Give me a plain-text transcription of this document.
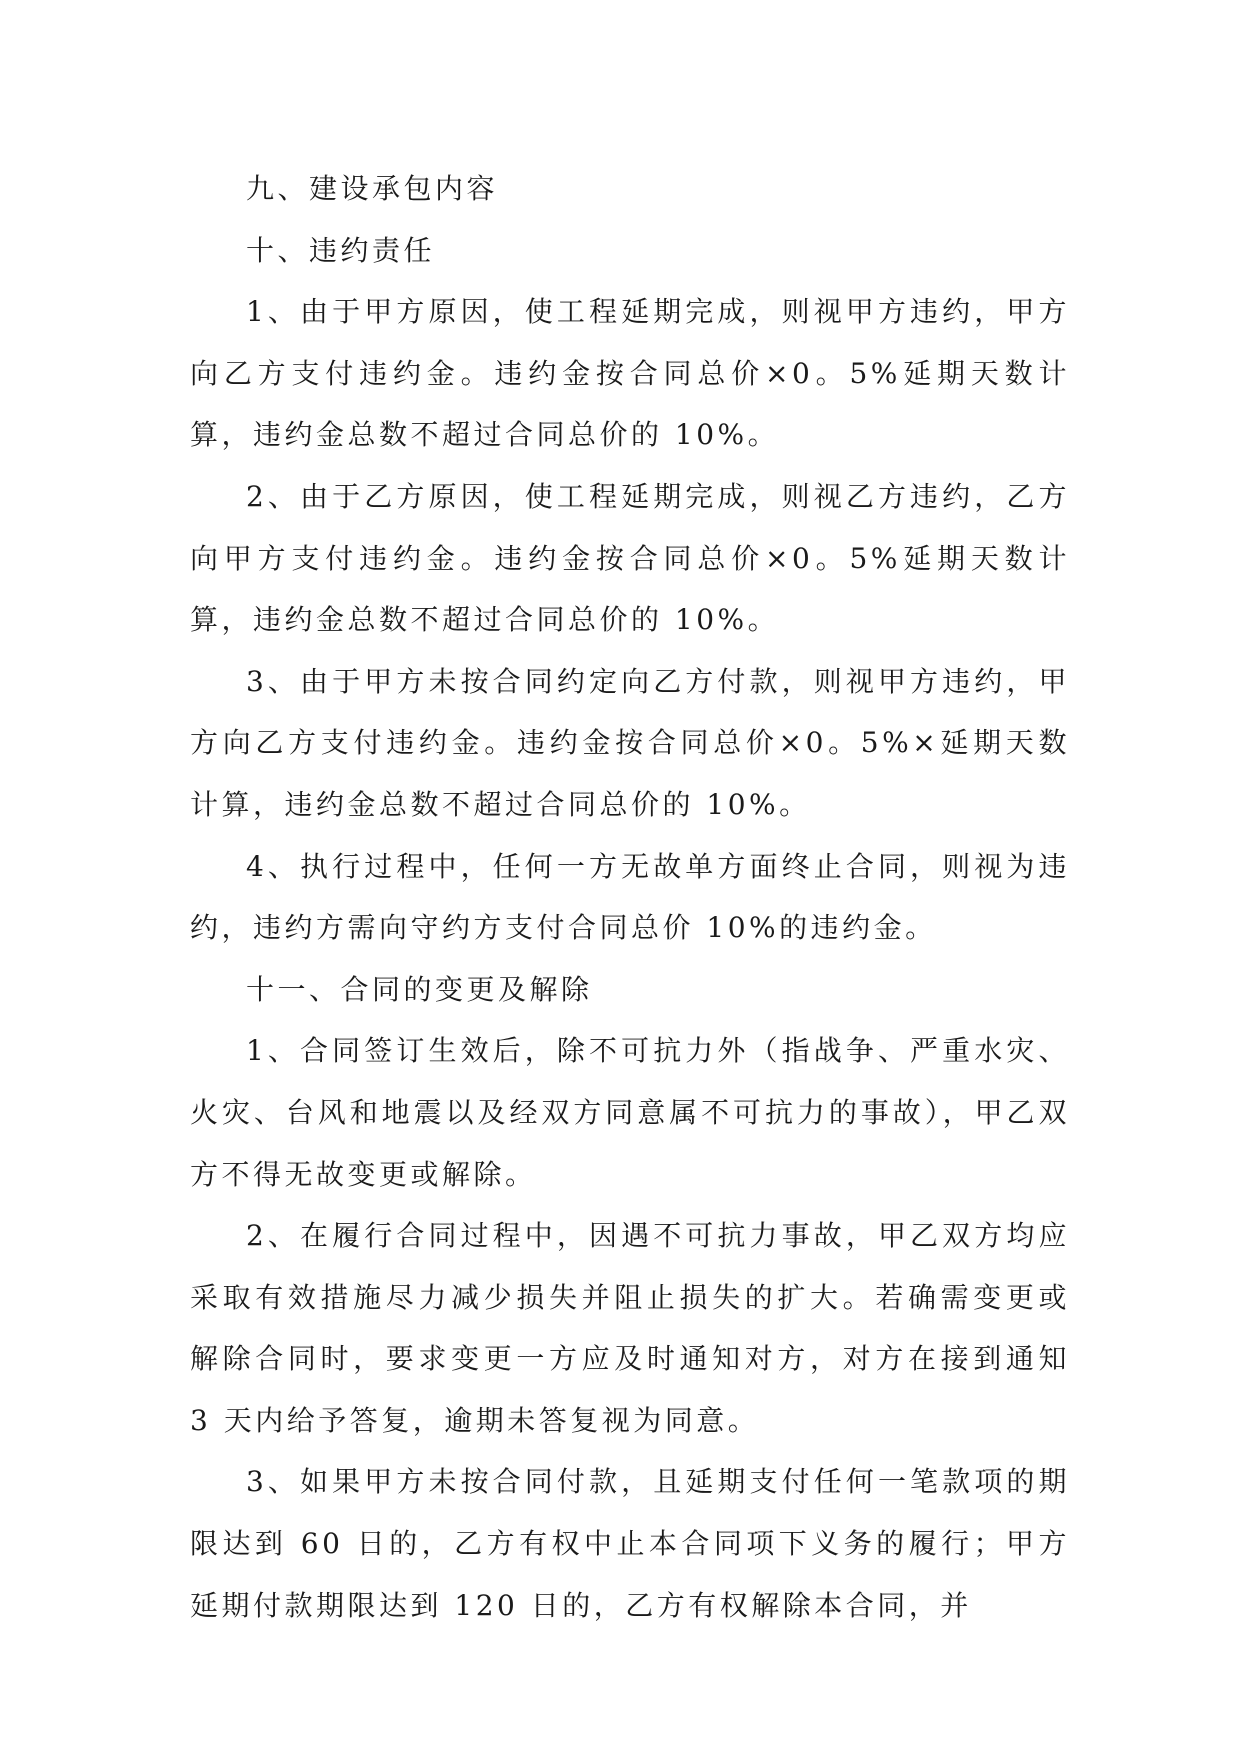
九、建设承包内容

十、违约责任

1、由于甲方原因，使工程延期完成，则视甲方违约，甲方向乙方支付违约金。违约金按合同总价×0。5%延期天数计算，违约金总数不超过合同总价的 10%。

2、由于乙方原因，使工程延期完成，则视乙方违约，乙方向甲方支付违约金。违约金按合同总价×0。5%延期天数计算，违约金总数不超过合同总价的 10%。

3、由于甲方未按合同约定向乙方付款，则视甲方违约，甲方向乙方支付违约金。违约金按合同总价×0。5%×延期天数计算，违约金总数不超过合同总价的 10%。

4、执行过程中，任何一方无故单方面终止合同，则视为违约，违约方需向守约方支付合同总价 10%的违约金。

十一、合同的变更及解除

1、合同签订生效后，除不可抗力外（指战争、严重水灾、火灾、台风和地震以及经双方同意属不可抗力的事故），甲乙双方不得无故变更或解除。

2、在履行合同过程中，因遇不可抗力事故，甲乙双方均应采取有效措施尽力减少损失并阻止损失的扩大。若确需变更或解除合同时，要求变更一方应及时通知对方，对方在接到通知 3 天内给予答复，逾期未答复视为同意。

3、如果甲方未按合同付款，且延期支付任何一笔款项的期限达到 60 日的，乙方有权中止本合同项下义务的履行；甲方延期付款期限达到 120 日的，乙方有权解除本合同，并
